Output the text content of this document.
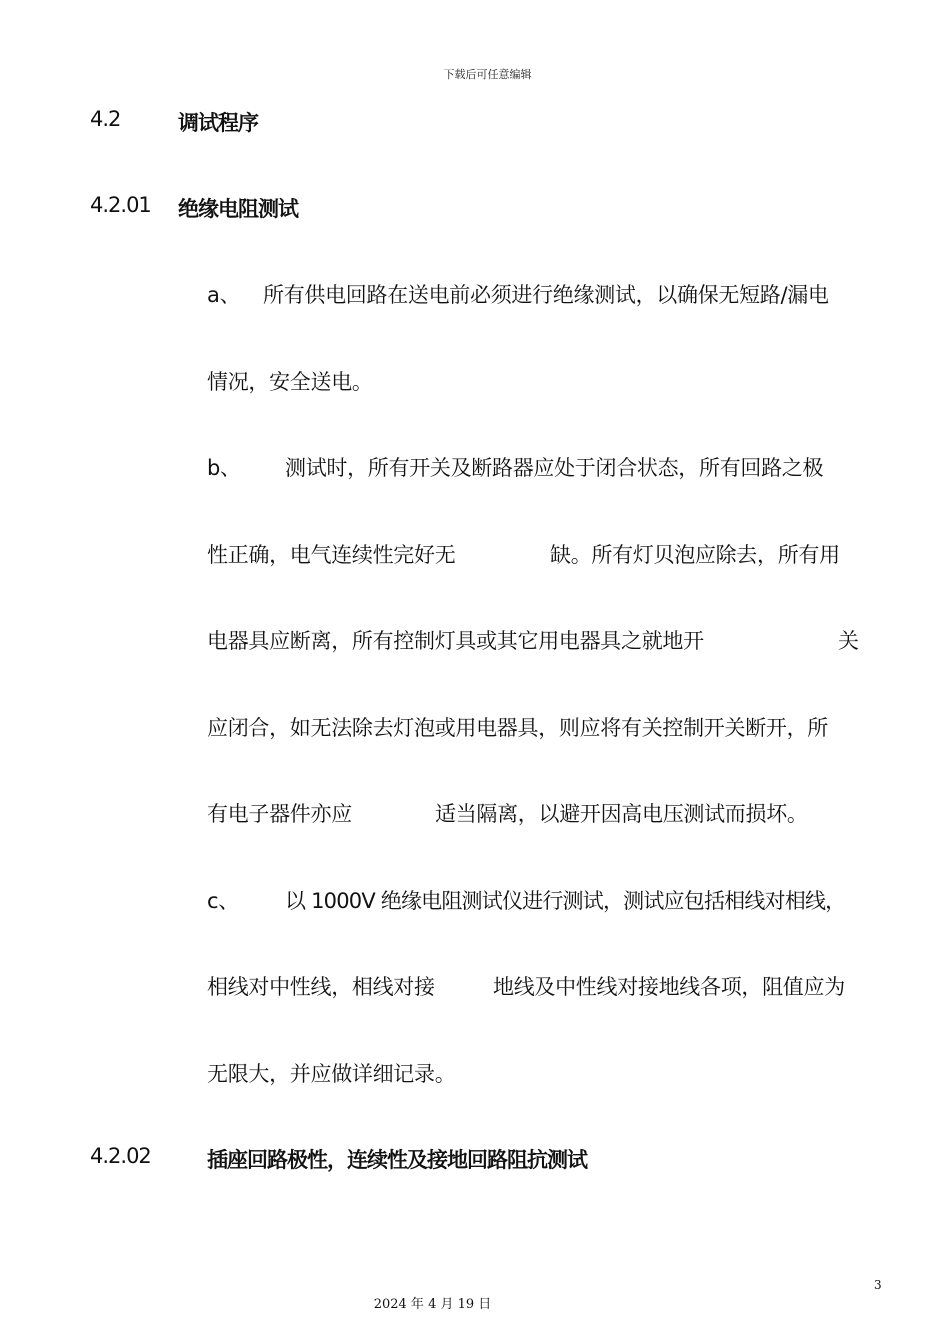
下载后可任意编辑
4.2	调试程序
4.2.01 绝缘电阻测试
a、 所有供电回路在送电前必须进行绝缘测试，以确保无短路/漏电
情况，安全送电。
b、 测试时，所有开关及断路器应处于闭合状态，所有回路之极
性正确，电气连续性完好无	缺。所有灯贝泡应除去，所有用
电器具应断离，所有控制灯具或其它用电器具之就地开	关
应闭合，如无法除去灯泡或用电器具，则应将有关控制开关断开，所
有电子器件亦应	适当隔离，以避开因高电压测试而损坏。
c、 以 1000V 绝缘电阻测试仪进行测试，测试应包括相线对相线，
相线对中性线，相线对接	地线及中性线对接地线各项，阻值应为
无限大，并应做详细记录。
4.2.02	插座回路极性，连续性及接地回路阻抗测试
3
2024 年 4 月 19 日
